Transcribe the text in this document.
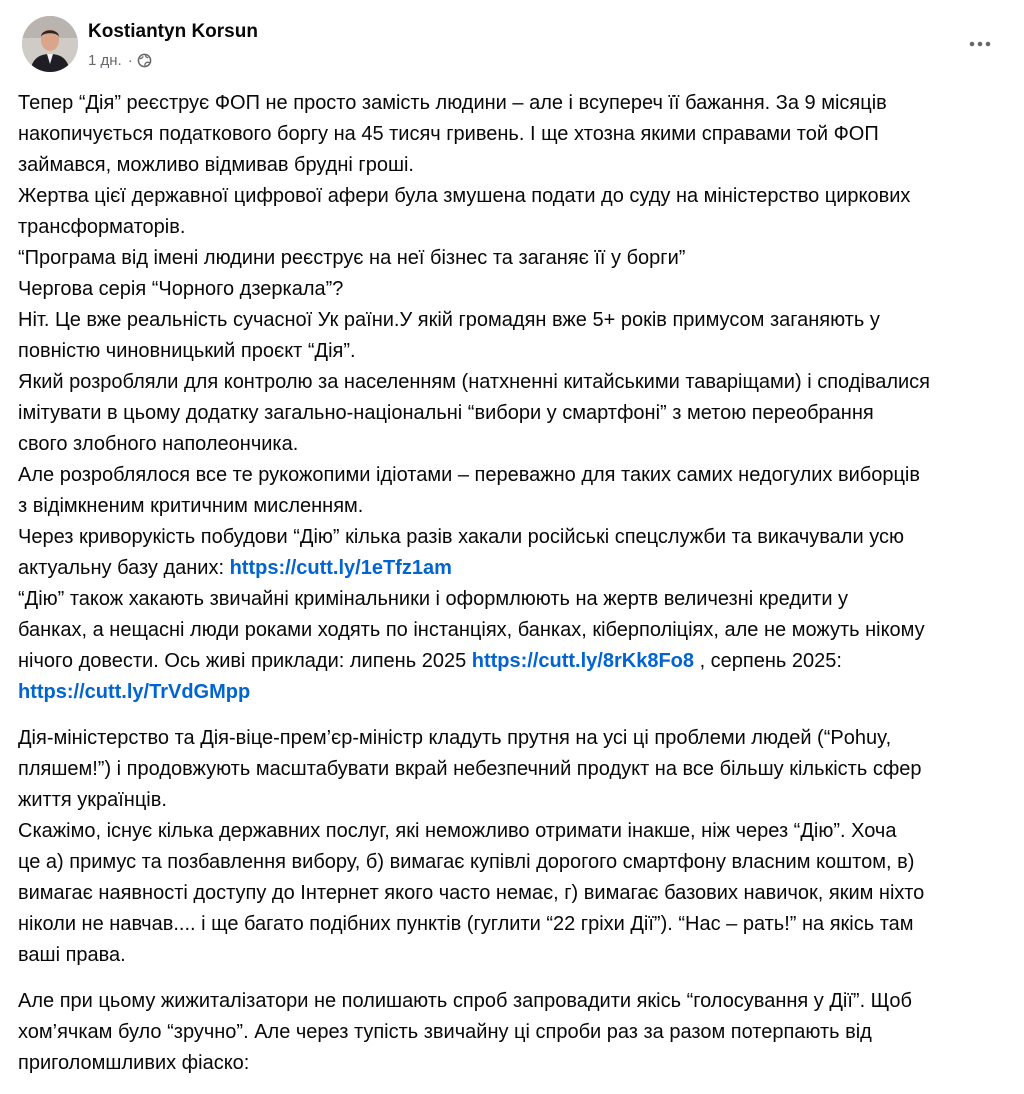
Kostiantyn Korsun
1 дн. ·

Тепер “Дія” реєструє ФОП не просто замість людини – але і всупереч її бажання. За 9 місяців
накопичується податкового боргу на 45 тисяч гривень. І ще хтозна якими справами той ФОП
займався, можливо відмивав брудні гроші.
Жертва цієї державної цифрової афери була змушена подати до суду на міністерство циркових
трансформаторів.
“Програма від імені людини реєструє на неї бізнес та заганяє її у борги”
Чергова серія “Чорного дзеркала”?
Ніт. Це вже реальність сучасної Ук раїни.У якій громадян вже 5+ років примусом заганяють у
повністю чиновницький проєкт “Дія”.
Який розробляли для контролю за населенням (натхненні китайськими таваріщами) і сподівалися
імітувати в цьому додатку загально-національні “вибори у смартфоні” з метою переобрання
свого злобного наполеончика.
Але розроблялося все те рукожопими ідіотами – переважно для таких самих недогулих виборців
з відімкненим критичним мисленням.
Через криворукість побудови “Дію” кілька разів хакали російські спецслужби та викачували усю
актуальну базу даних: https://cutt.ly/1eTfz1am
“Дію” також хакають звичайні кримінальники і оформлюють на жертв величезні кредити у
банках, а нещасні люди роками ходять по інстанціях, банках, кіберполіціях, але не можуть нікому
нічого довести. Ось живі приклади: липень 2025 https://cutt.ly/8rKk8Fo8 , серпень 2025:
https://cutt.ly/TrVdGMpp

Дія-міністерство та Дія-віце-прем’єр-міністр кладуть прутня на усі ці проблеми людей (“Pohuy,
пляшем!”) і продовжують масштабувати вкрай небезпечний продукт на все більшу кількість сфер
життя українців.
Скажімо, існує кілька державних послуг, які неможливо отримати інакше, ніж через “Дію”. Хоча
це а) примус та позбавлення вибору, б) вимагає купівлі дорогого смартфону власним коштом, в)
вимагає наявності доступу до Інтернет якого часто немає, г) вимагає базових навичок, яким ніхто
ніколи не навчав.... і ще багато подібних пунктів (гуглити “22 гріхи Дії”). “Нас – рать!” на якісь там
ваші права.

Але при цьому жижиталізатори не полишають спроб запровадити якісь “голосування у Дії”. Щоб
хом’ячкам було “зручно”. Але через тупість звичайну ці спроби раз за разом потерпають від
приголомшливих фіаско:
